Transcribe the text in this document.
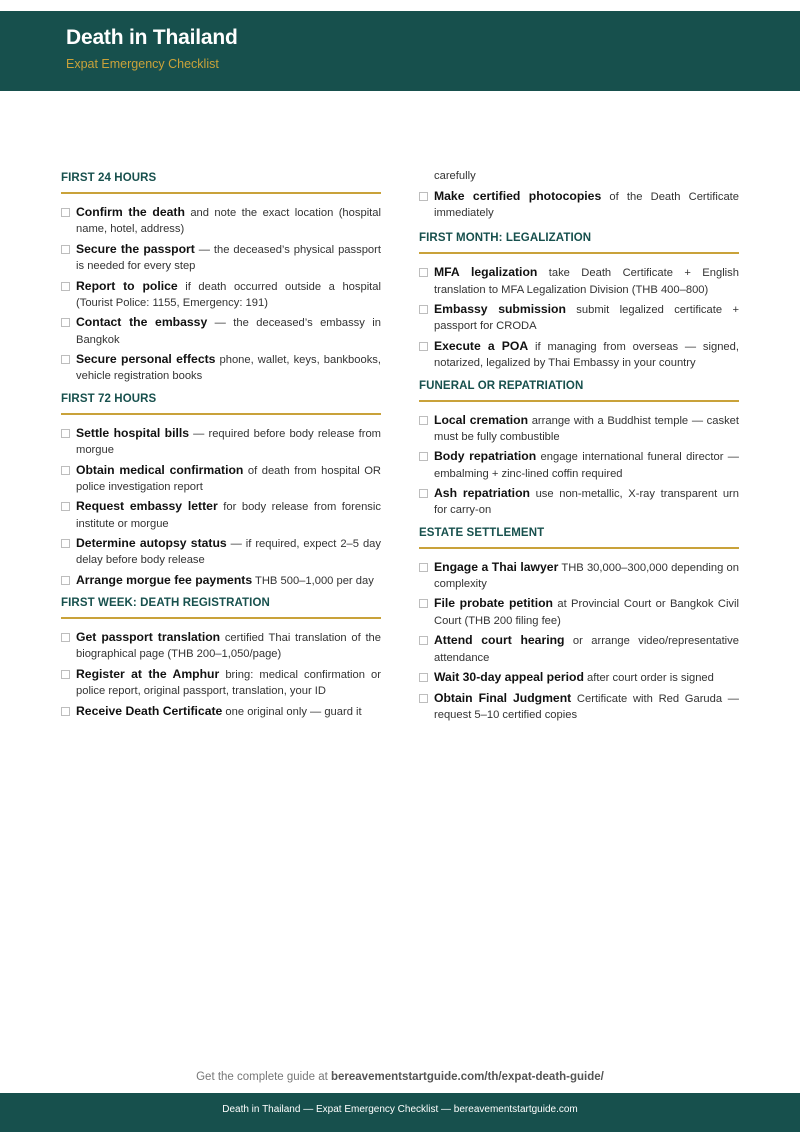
Death in Thailand
Expat Emergency Checklist
FIRST 24 HOURS
Confirm the death and note the exact location (hospital name, hotel, address)
Secure the passport — the deceased’s physical passport is needed for every step
Report to police if death occurred outside a hospital (Tourist Police: 1155, Emergency: 191)
Contact the embassy — the deceased’s embassy in Bangkok
Secure personal effects phone, wallet, keys, bankbooks, vehicle registration books
FIRST 72 HOURS
Settle hospital bills — required before body release from morgue
Obtain medical confirmation of death from hospital OR police investigation report
Request embassy letter for body release from forensic institute or morgue
Determine autopsy status — if required, expect 2–5 day delay before body release
Arrange morgue fee payments THB 500–1,000 per day
FIRST WEEK: DEATH REGISTRATION
Get passport translation certified Thai translation of the biographical page (THB 200–1,050/page)
Register at the Amphur bring: medical confirmation or police report, original passport, translation, your ID
Receive Death Certificate one original only — guard it
carefully
Make certified photocopies of the Death Certificate immediately
FIRST MONTH: LEGALIZATION
MFA legalization take Death Certificate + English translation to MFA Legalization Division (THB 400–800)
Embassy submission submit legalized certificate + passport for CRODA
Execute a POA if managing from overseas — signed, notarized, legalized by Thai Embassy in your country
FUNERAL OR REPATRIATION
Local cremation arrange with a Buddhist temple — casket must be fully combustible
Body repatriation engage international funeral director — embalming + zinc-lined coffin required
Ash repatriation use non-metallic, X-ray transparent urn for carry-on
ESTATE SETTLEMENT
Engage a Thai lawyer THB 30,000–300,000 depending on complexity
File probate petition at Provincial Court or Bangkok Civil Court (THB 200 filing fee)
Attend court hearing or arrange video/representative attendance
Wait 30-day appeal period after court order is signed
Obtain Final Judgment Certificate with Red Garuda — request 5–10 certified copies
Get the complete guide at bereavementstartguide.com/th/expat-death-guide/
Death in Thailand — Expat Emergency Checklist — bereavementstartguide.com
